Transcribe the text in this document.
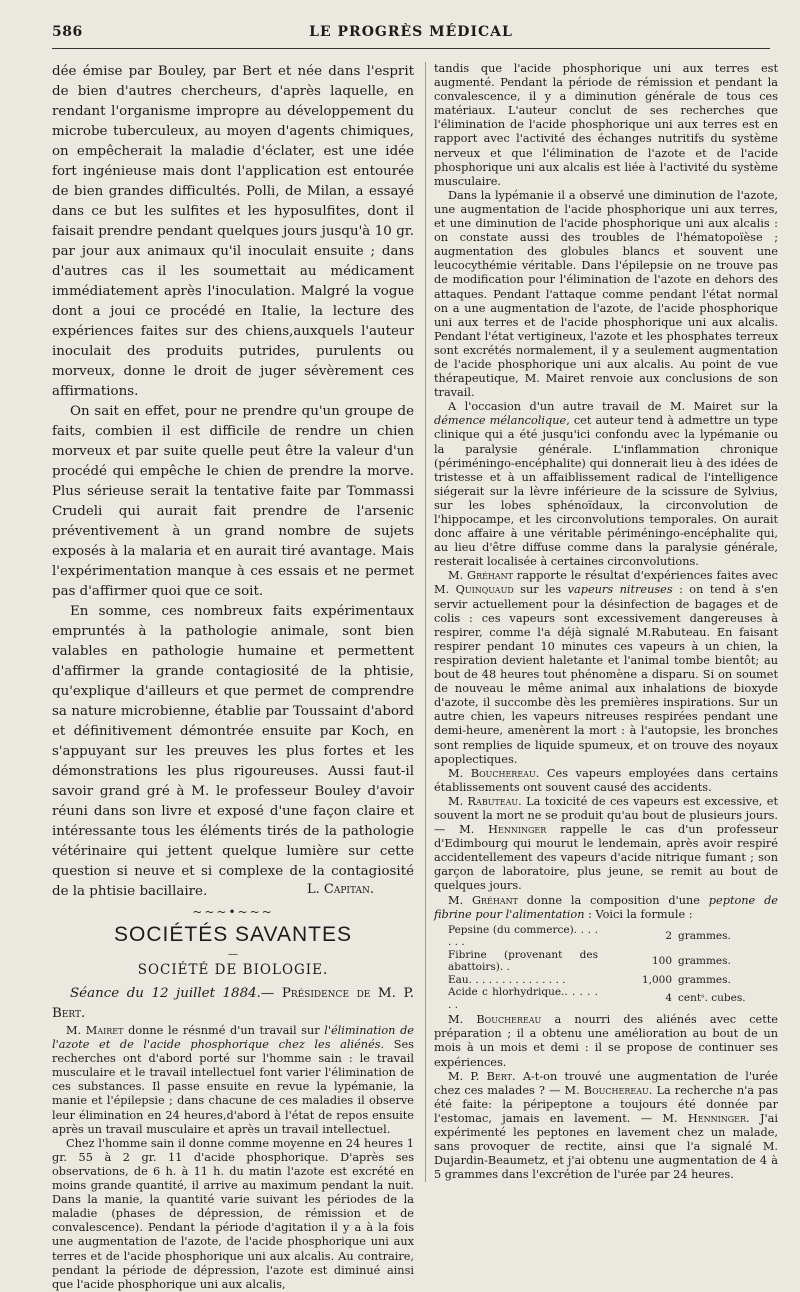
586	LE PROGRÈS MÉDICAL

dée émise par Bouley, par Bert et née dans l'esprit de bien d'autres chercheurs, d'après laquelle, en rendant l'organisme impropre au développement du microbe tuberculeux, au moyen d'agents chimiques, on empêcherait la maladie d'éclater, est une idée fort ingénieuse mais dont l'application est entourée de bien grandes difficultés. Polli, de Milan, a essayé dans ce but les sulfites et les hyposulfites, dont il faisait prendre pendant quelques jours jusqu'à 10 gr. par jour aux animaux qu'il inoculait ensuite ; dans d'autres cas il les soumettait au médicament immédiatement après l'inoculation. Malgré la vogue dont a joui ce procédé en Italie, la lecture des expériences faites sur des chiens,auxquels l'auteur inoculait des produits putrides, purulents ou morveux, donne le droit de juger sévèrement ces affirmations.

On sait en effet, pour ne prendre qu'un groupe de faits, combien il est difficile de rendre un chien morveux et par suite quelle peut être la valeur d'un procédé qui empêche le chien de prendre la morve. Plus sérieuse serait la tentative faite par Tommassi Crudeli qui aurait fait prendre de l'arsenic préventivement à un grand nombre de sujets exposés à la malaria et en aurait tiré avantage. Mais l'expérimentation manque à ces essais et ne permet pas d'affirmer quoi que ce soit.

En somme, ces nombreux faits expérimentaux empruntés à la pathologie animale, sont bien valables en pathologie humaine et permettent d'affirmer la grande contagiosité de la phtisie, qu'explique d'ailleurs et que permet de comprendre sa nature microbienne, établie par Toussaint d'abord et définitivement démontrée ensuite par Koch, en s'appuyant sur les preuves les plus fortes et les démonstrations les plus rigoureuses. Aussi faut-il savoir grand gré à M. le professeur Bouley d'avoir réuni dans son livre et exposé d'une façon claire et intéressante tous les éléments tirés de la pathologie vétérinaire qui jettent quelque lumière sur cette question si neuve et si complexe de la contagiosité de la phtisie bacillaire.	L. Capitan.
~~~•~~~
SOCIÉTÉS SAVANTES
—
SOCIÉTÉ DE BIOLOGIE.

Séance du 12 juillet 1884.— Présidence de M. P. Bert.

M. Mairet donne le résnmé d'un travail sur l'élimination de l'azote et de l'acide phosphorique chez les aliénés. Ses recherches ont d'abord porté sur l'homme sain : le travail musculaire et le travail intellectuel font varier l'élimination de ces substances. Il passe ensuite en revue la lypémanie, la manie et l'épilepsie ; dans chacune de ces maladies il observe leur élimination en 24 heures,d'abord à l'état de repos ensuite après un travail musculaire et après un travail intellectuel.

Chez l'homme sain il donne comme moyenne en 24 heures 1 gr. 55 à 2 gr. 11 d'acide phosphorique. D'après ses observations, de 6 h. à 11 h. du matin l'azote est excrété en moins grande quantité, il arrive au maximum pendant la nuit. Dans la manie, la quantité varie suivant les périodes de la maladie (phases de dépression, de rémission et de convalescence). Pendant la période d'agitation il y a à la fois une augmentation de l'azote, de l'acide phosphorique uni aux terres et de l'acide phosphorique uni aux alcalis. Au contraire, pendant la période de dépression, l'azote est diminué ainsi que l'acide phosphorique uni aux alcalis,

tandis que l'acide phosphorique uni aux terres est augmenté. Pendant la période de rémission et pendant la convalescence, il y a diminution générale de tous ces matériaux. L'auteur conclut de ses recherches que l'élimination de l'acide phosphorique uni aux terres est en rapport avec l'activité des échanges nutritifs du système nerveux et que l'élimination de l'azote et de l'acide phosphorique uni aux alcalis est liée à l'activité du système musculaire.

Dans la lypémanie il a observé une diminution de l'azote, une augmentation de l'acide phosphorique uni aux terres, et une diminution de l'acide phosphorique uni aux alcalis : on constate aussi des troubles de l'hématopoïèse ; augmentation des globules blancs et souvent une leucocythémie véritable. Dans l'épilepsie on ne trouve pas de modification pour l'élimination de l'azote en dehors des attaques. Pendant l'attaque comme pendant l'état normal on a une augmentation de l'azote, de l'acide phosphorique uni aux terres et de l'acide phosphorique uni aux alcalis. Pendant l'état vertigineux, l'azote et les phosphates terreux sont excrétés normalement, il y a seulement augmentation de l'acide phosphorique uni aux alcalis. Au point de vue thérapeutique, M. Mairet renvoie aux conclusions de son travail.

A l'occasion d'un autre travail de M. Mairet sur la démence mélancolique, cet auteur tend à admettre un type clinique qui a été jusqu'ici confondu avec la lypémanie ou la paralysie générale. L'inflammation chronique (périméningo-encéphalite) qui donnerait lieu à des idées de tristesse et à un affaiblissement radical de l'intelligence siégerait sur la lèvre inférieure de la scissure de Sylvius, sur les lobes sphénoïdaux, la circonvolution de l'hippocampe, et les circonvolutions temporales. On aurait donc affaire à une véritable périméningo-encéphalite qui, au lieu d'être diffuse comme dans la paralysie générale, resterait localisée à certaines circonvolutions.

M. Gréhant rapporte le résultat d'expériences faites avec M. Quinquaud sur les vapeurs nitreuses : on tend à s'en servir actuellement pour la désinfection de bagages et de colis : ces vapeurs sont excessivement dangereuses à respirer, comme l'a déjà signalé M.Rabuteau. En faisant respirer pendant 10 minutes ces vapeurs à un chien, la respiration devient haletante et l'animal tombe bientôt; au bout de 48 heures tout phénomène a disparu. Si on soumet de nouveau le même animal aux inhalations de bioxyde d'azote, il succombe dès les premières inspirations. Sur un autre chien, les vapeurs nitreuses respirées pendant une demi-heure, amenèrent la mort : à l'autopsie, les bronches sont remplies de liquide spumeux, et on trouve des noyaux apoplectiques.

M. Bouchereau. Ces vapeurs employées dans certains établissements ont souvent causé des accidents.

M. Rabuteau. La toxicité de ces vapeurs est excessive, et souvent la mort ne se produit qu'au bout de plusieurs jours.— M. Henninger rappelle le cas d'un professeur d'Edimbourg qui mourut le lendemain, après avoir respiré accidentellement des vapeurs d'acide nitrique fumant ; son garçon de laboratoire, plus jeune, se remit au bout de quelques jours.

M. Gréhant donne la composition d'une peptone de fibrine pour l'alimentation : Voici la formule :

Pepsine (du commerce). . . . . . .	2	grammes.
Fibrine (provenant des abattoirs). .	100	grammes.
Eau. . . . . . . . . . . . . . .	1,000	grammes.
Acide c hlorhydrique.. . . . . . .	4	centˢ. cubes.

M. Bouchereau a nourri des aliénés avec cette préparation ; il a obtenu une amélioration au bout de un mois à un mois et demi : il se propose de continuer ses expériences.

M. P. Bert. A-t-on trouvé une augmentation de l'urée chez ces malades ? — M. Bouchereau. La recherche n'a pas été faite: la péripeptone a toujours été donnée par l'estomac, jamais en lavement. — M. Henninger. J'ai expérimenté les peptones en lavement chez un malade, sans provoquer de rectite, ainsi que l'a signalé M. Dujardin-Beaumetz, et j'ai obtenu une augmentation de 4 à 5 grammes dans l'excrétion de l'urée par 24 heures.
